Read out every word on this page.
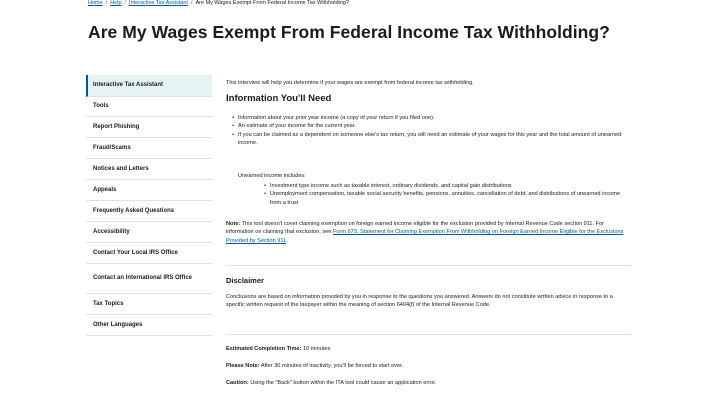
Home / Help / Interactive Tax Assistant / Are My Wages Exempt From Federal Income Tax Withholding?
Are My Wages Exempt From Federal Income Tax Withholding?
Interactive Tax Assistant
Tools
Report Phishing
Fraud/Scams
Notices and Letters
Appeals
Frequently Asked Questions
Accessibility
Contact Your Local IRS Office
Contact an International IRS Office
Tax Topics
Other Languages

This interview will help you determine if your wages are exempt from federal income tax withholding.

Information You'll Need
• Information about your prior year income (a copy of your return if you filed one).
• An estimate of your income for the current year.
• If you can be claimed as a dependent on someone else's tax return, you will need an estimate of your wages for this year and the total amount of unearned income.

Unearned income includes:

• Investment type income such as taxable interest, ordinary dividends, and capital gain distributions
• Unemployment compensation, taxable social security benefits, pensions, annuities, cancellation of debt, and distributions of unearned income from a trust

Note: This tool doesn't cover claiming exemption on foreign earned income eligible for the exclusion provided by Internal Revenue Code section 911. For information on claiming that exclusion, see Form 673, Statement for Claiming Exemption From Withholding on Foreign Earned Income Eligible for the Exclusions Provided by Section 911.

Disclaimer

Conclusions are based on information provided by you in response to the questions you answered. Answers do not constitute written advice in response to a specific written request of the taxpayer within the meaning of section 6404(f) of the Internal Revenue Code.

Estimated Completion Time: 10 minutes

Please Note: After 30 minutes of inactivity, you'll be forced to start over.

Caution: Using the "Back" button within the ITA tool could cause an application error.
